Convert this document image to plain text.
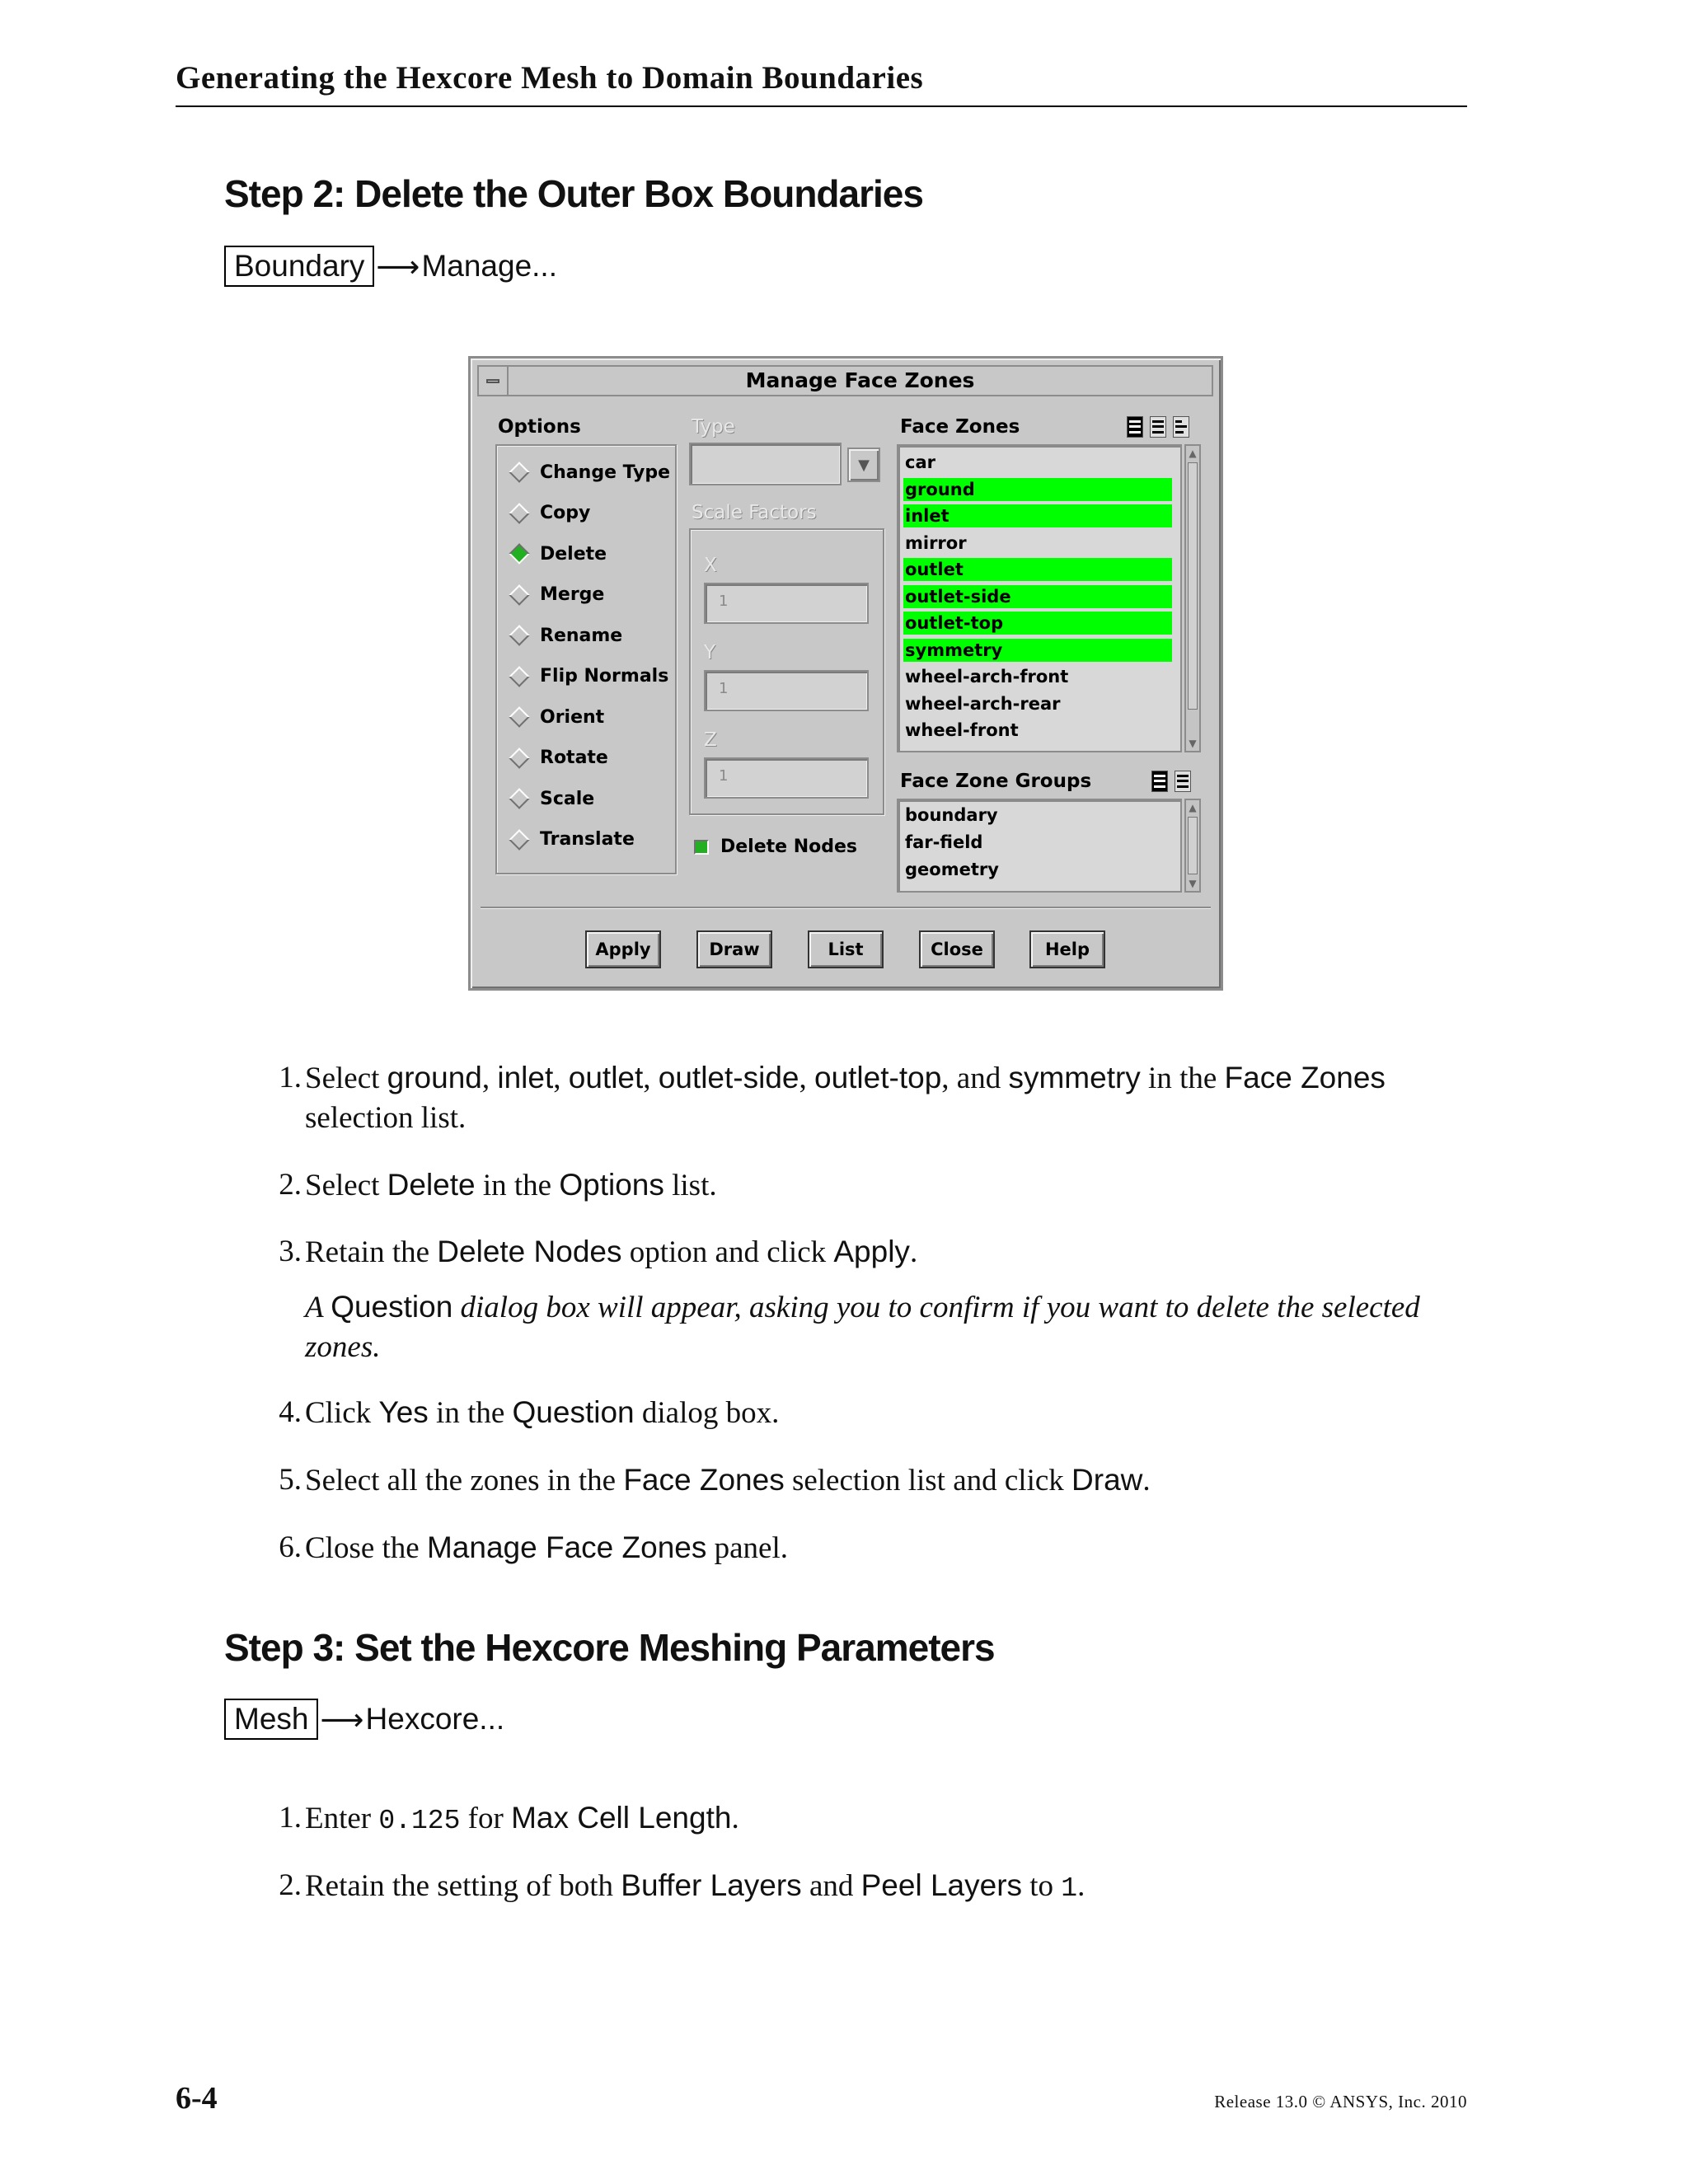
Generating the Hexcore Mesh to Domain Boundaries
Step 2: Delete the Outer Box Boundaries
Boundary ⟶ Manage...
Manage Face Zones
Options
Change Type
Copy
Delete
Merge
Rename
Flip Normals
Orient
Rotate
Scale
Translate
Type
▼
Scale Factors
X
1
Y
1
Z
1
Delete Nodes
Face Zones
car
ground
inlet
mirror
outlet
outlet-side
outlet-top
symmetry
wheel-arch-front
wheel-arch-rear
wheel-front
▲
▼
Face Zone Groups
boundary
far-field
geometry
▲
▼
Apply	Draw	List	Close	Help
1. Select ground, inlet, outlet, outlet-side, outlet-top, and symmetry in the Face Zones selection list.
2. Select Delete in the Options list.
3. Retain the Delete Nodes option and click Apply.
A Question dialog box will appear, asking you to confirm if you want to delete the selected zones.
4. Click Yes in the Question dialog box.
5. Select all the zones in the Face Zones selection list and click Draw.
6. Close the Manage Face Zones panel.
Step 3: Set the Hexcore Meshing Parameters
Mesh ⟶ Hexcore...
1. Enter 0.125 for Max Cell Length.
2. Retain the setting of both Buffer Layers and Peel Layers to 1.
6-4	Release 13.0 © ANSYS, Inc. 2010
